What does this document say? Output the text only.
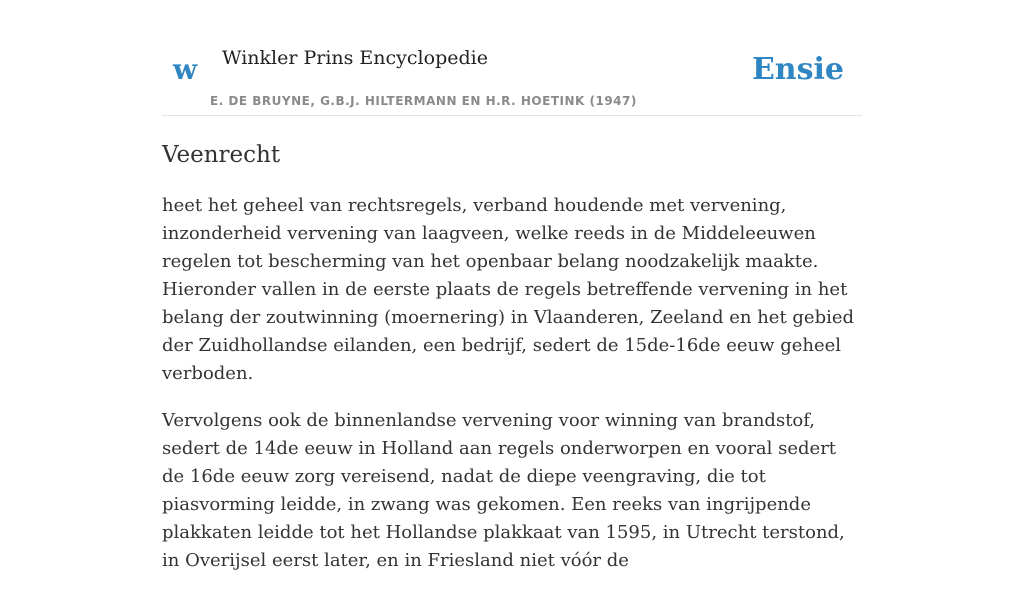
w Winkler Prins Encyclopedie
E. DE BRUYNE, G.B.J. HILTERMANN EN H.R. HOETINK (1947)
Ensie
Veenrecht

heet het geheel van rechtsregels, verband houdende met vervening, inzonderheid vervening van laagveen, welke reeds in de Middeleeuwen regelen tot bescherming van het openbaar belang noodzakelijk maakte. Hieronder vallen in de eerste plaats de regels betreffende vervening in het belang der zoutwinning (moernering) in Vlaanderen, Zeeland en het gebied der Zuidhollandse eilanden, een bedrijf, sedert de 15de-16de eeuw geheel verboden.

Vervolgens ook de binnenlandse vervening voor winning van brandstof, sedert de 14de eeuw in Holland aan regels onderworpen en vooral sedert de 16de eeuw zorg vereisend, nadat de diepe veengraving, die tot piasvorming leidde, in zwang was gekomen. Een reeks van ingrijpende plakkaten leidde tot het Hollandse plakkaat van 1595, in Utrecht terstond, in Overijsel eerst later, en in Friesland niet vóór de
